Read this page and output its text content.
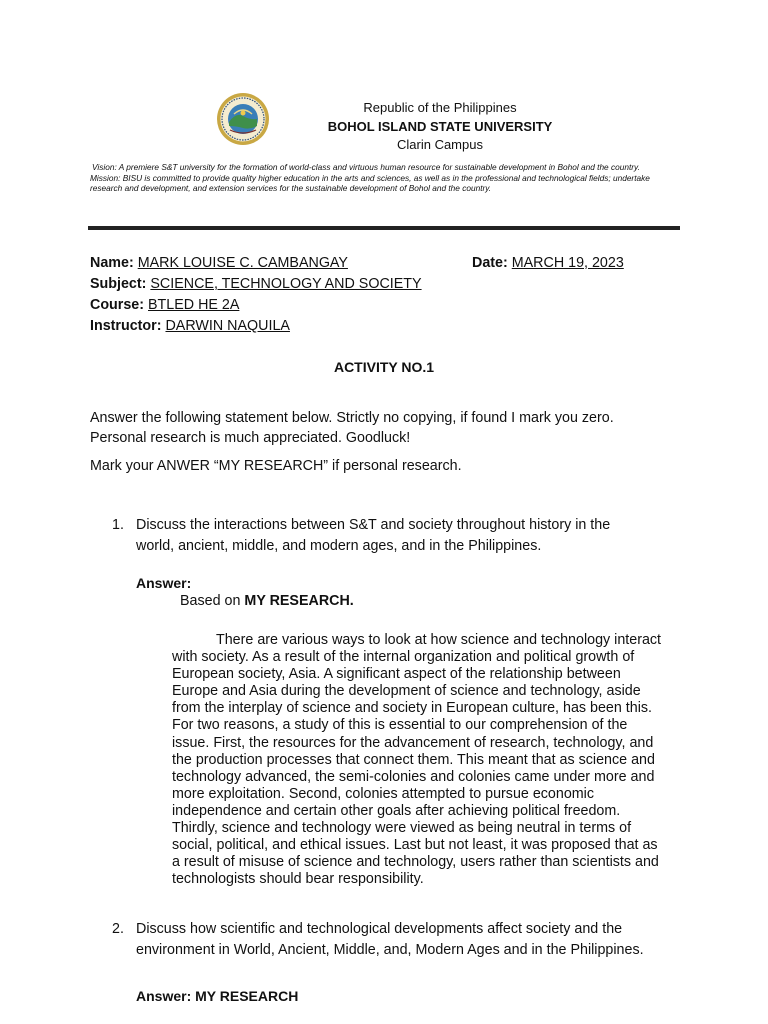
Republic of the Philippines
BOHOL ISLAND STATE UNIVERSITY
Clarin Campus
Vision: A premiere S&T university for the formation of world-class and virtuous human resource for sustainable development in Bohol and the country.
Mission: BISU is committed to provide quality higher education in the arts and sciences, as well as in the professional and technological fields; undertake
research and development, and extension services for the sustainable development of Bohol and the country.
Name: MARK LOUISE C. CAMBANGAY	Date: MARCH 19, 2023
Subject: SCIENCE, TECHNOLOGY AND SOCIETY
Course: BTLED HE 2A
Instructor: DARWIN NAQUILA
ACTIVITY NO.1
Answer the following statement below. Strictly no copying, if found I mark you zero.
Personal research is much appreciated. Goodluck!
Mark your ANWER “MY RESEARCH” if personal research.
1. Discuss the interactions between S&T and society throughout history in the
world, ancient, middle, and modern ages, and in the Philippines.
Answer:
Based on MY RESEARCH.
There are various ways to look at how science and technology interact
with society. As a result of the internal organization and political growth of
European society, Asia. A significant aspect of the relationship between
Europe and Asia during the development of science and technology, aside
from the interplay of science and society in European culture, has been this.
For two reasons, a study of this is essential to our comprehension of the
issue. First, the resources for the advancement of research, technology, and
the production processes that connect them. This meant that as science and
technology advanced, the semi-colonies and colonies came under more and
more exploitation. Second, colonies attempted to pursue economic
independence and certain other goals after achieving political freedom.
Thirdly, science and technology were viewed as being neutral in terms of
social, political, and ethical issues. Last but not least, it was proposed that as
a result of misuse of science and technology, users rather than scientists and
technologists should bear responsibility.
2. Discuss how scientific and technological developments affect society and the
environment in World, Ancient, Middle, and, Modern Ages and in the Philippines.
Answer: MY RESEARCH
